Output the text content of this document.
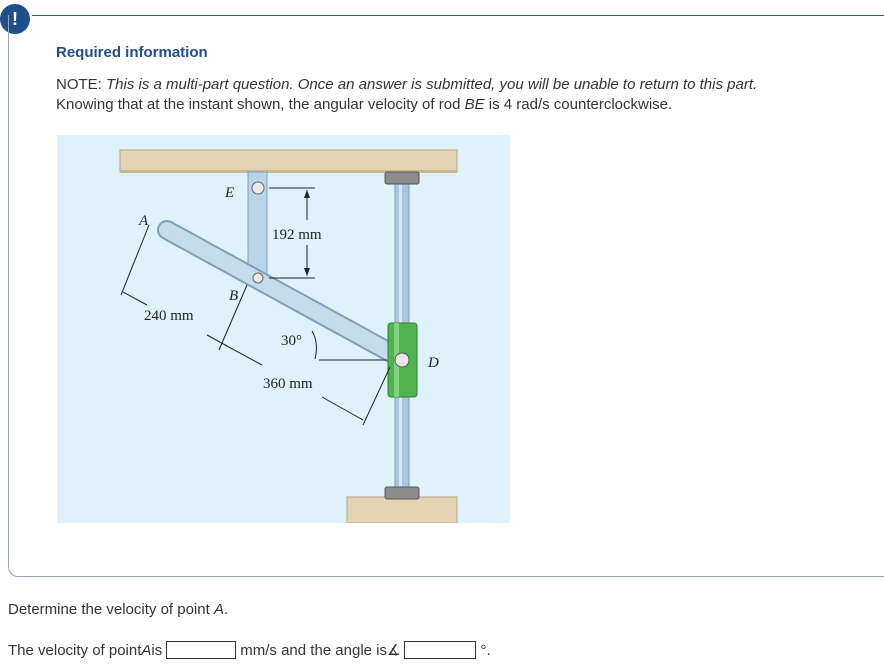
!
Required information
NOTE: This is a multi-part question. Once an answer is submitted, you will be unable to return to this part.
Knowing that at the instant shown, the angular velocity of rod BE is 4 rad/s counterclockwise.
A
E
B
D
192 mm
240 mm
360 mm
30°
Determine the velocity of point A.
The velocity of point A is	mm/s and the angle is ∡	°.
